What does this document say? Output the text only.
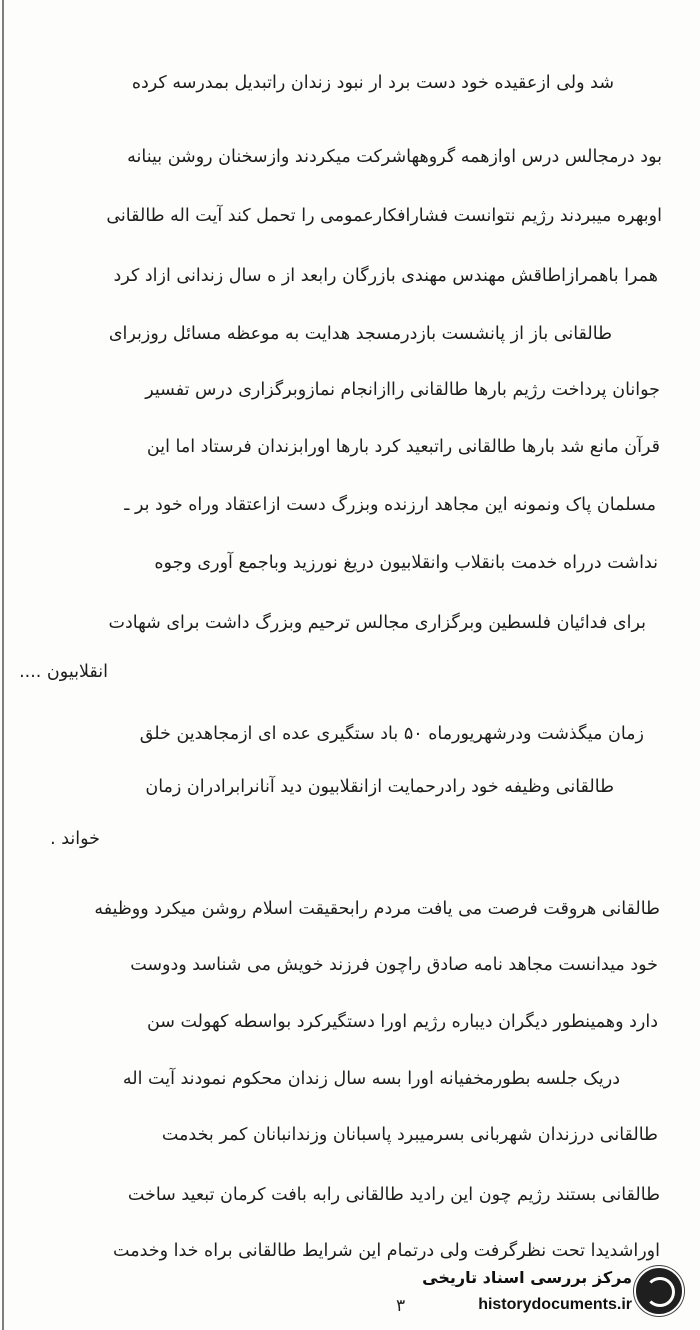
شد ولی ازعقیده خود دست برد ار نبود زندان راتبدیل بمدرسه کرده
بود درمجالس درس اوازهمه گروههاشرکت میکردند وازسخنان روشن بینانه
اوبهره میبردند رژیم نتوانست فشارافکارعمومی را تحمل کند آیت اله طالقانی
همرا باهمرازاطاقش مهندس مهندی بازرگان رابعد از ه سال زندانی ازاد کرد
طالقانی باز از پانشست بازدرمسجد هدایت به موعظه مسائل روزبرای
جوانان پرداخت رژیم بارها طالقانی راازانجام نمازوبرگزاری درس تفسیر
قرآن مانع شد بارها طالقانی راتبعید کرد بارها اورابزندان فرستاد اما این
مسلمان پاک ونمونه این مجاهد ارزنده وبزرگ دست ازاعتقاد وراه خود بر ـ
نداشت درراه خدمت بانقلاب وانقلابیون دریغ نورزید وباجمع آوری وجوه
برای فدائیان فلسطین وبرگزاری مجالس ترحیم وبزرگ داشت برای شهادت
انقلابیون ....
زمان میگذشت ودرشهریورماه ۵۰ باد ستگیری عده ای ازمجاهدین خلق
طالقانی وظیفه خود رادرحمایت ازانقلابیون دید آنانرابرادران زمان
خواند .
طالقانی هروقت فرصت می یافت مردم رابحقیقت اسلام روشن میکرد ووظیفه
خود میدانست مجاهد نامه صادق راچون فرزند خویش می شناسد ودوست
دارد وهمینطور دیگران دیباره رژیم اورا دستگیرکرد بواسطه کهولت سن
دریک جلسه بطورمخفیانه اورا بسه سال زندان محکوم نمودند آیت اله
طالقانی درزندان شهربانی بسرمیبرد پاسبانان وزندانبانان کمر بخدمت
طالقانی بستند رژیم چون این رادید طالقانی رابه بافت کرمان تبعید ساخت
اوراشدیدا تحت نظرگرفت ولی درتمام این شرایط طالقانی براه خدا وخدمت
۳
مرکز بررسی اسناد تاریخی
historydocuments.ir
